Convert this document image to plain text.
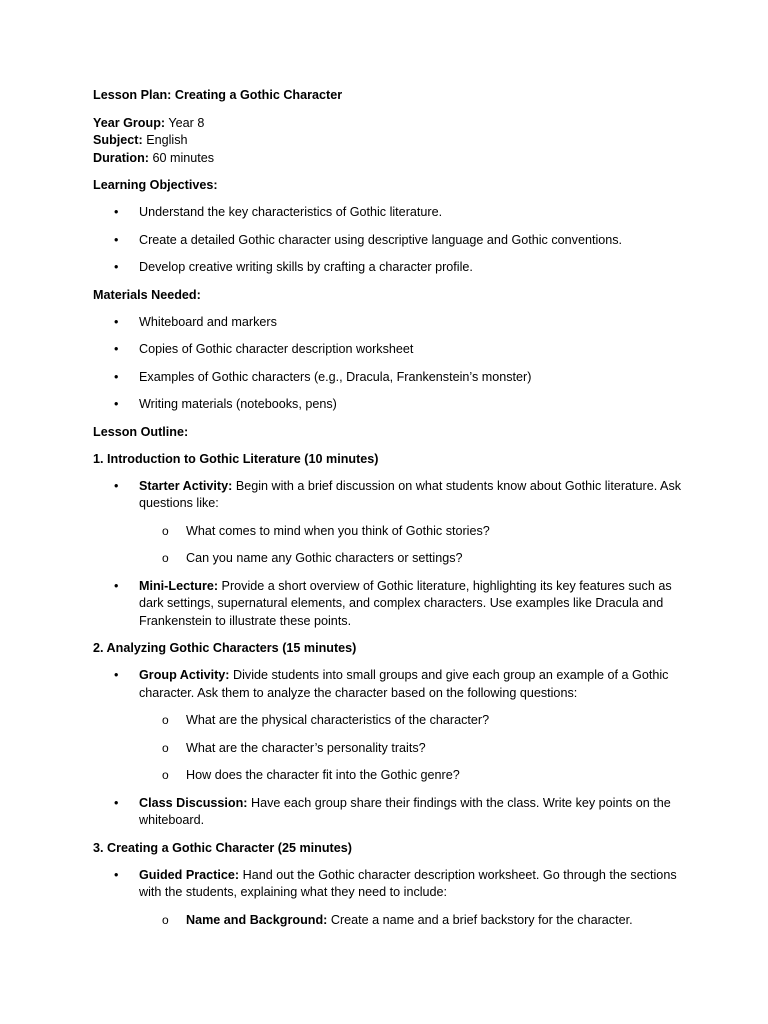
Lesson Plan: Creating a Gothic Character

Year Group: Year 8
Subject: English
Duration: 60 minutes

Learning Objectives:

• Understand the key characteristics of Gothic literature.
• Create a detailed Gothic character using descriptive language and Gothic conventions.
• Develop creative writing skills by crafting a character profile.

Materials Needed:

• Whiteboard and markers
• Copies of Gothic character description worksheet
• Examples of Gothic characters (e.g., Dracula, Frankenstein’s monster)
• Writing materials (notebooks, pens)

Lesson Outline:

1. Introduction to Gothic Literature (10 minutes)

• Starter Activity: Begin with a brief discussion on what students know about Gothic literature. Ask questions like:
o What comes to mind when you think of Gothic stories?
o Can you name any Gothic characters or settings?
• Mini-Lecture: Provide a short overview of Gothic literature, highlighting its key features such as dark settings, supernatural elements, and complex characters. Use examples like Dracula and Frankenstein to illustrate these points.

2. Analyzing Gothic Characters (15 minutes)

• Group Activity: Divide students into small groups and give each group an example of a Gothic character. Ask them to analyze the character based on the following questions:
o What are the physical characteristics of the character?
o What are the character’s personality traits?
o How does the character fit into the Gothic genre?
• Class Discussion: Have each group share their findings with the class. Write key points on the whiteboard.

3. Creating a Gothic Character (25 minutes)

• Guided Practice: Hand out the Gothic character description worksheet. Go through the sections with the students, explaining what they need to include:
o Name and Background: Create a name and a brief backstory for the character.
